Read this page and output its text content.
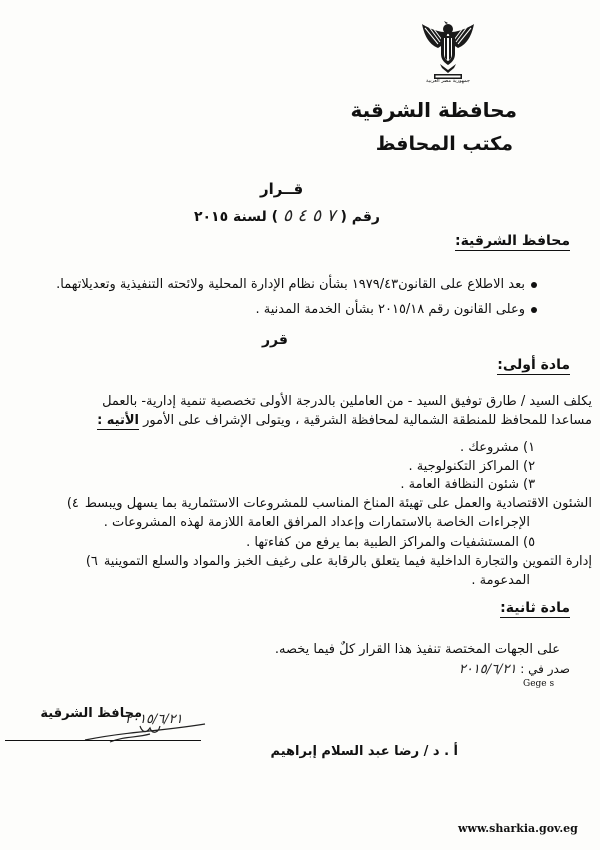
جمهورية مصر العربية
محافظة الشرقية
مكتب المحافظ
قــرار
رقم ( ٧ ٥ ٤ ٥ ) لسنة ٢٠١٥
محافظ الشرقية:
بعد الاطلاع على القانون١٩٧٩/٤٣ بشأن نظام الإدارة المحلية ولائحته التنفيذية وتعديلاتهما.
وعلى القانون رقم ٢٠١٥/١٨ بشأن الخدمة المدنية .
قرر
مادة أولى:
يكلف السيد / طارق توفيق السيد - من العاملين بالدرجة الأولى تخصصية تنمية إدارية- بالعمل
مساعدا للمحافظ للمنطقة الشمالية لمحافظة الشرقية ، ويتولى الإشراف على الأمور الأتيه :
١)مشروعك .
٢)المراكز التكنولوجية .
٣)شئون النظافة العامة .
الشئون الاقتصادية والعمل على تهيئة المناخ المناسب للمشروعات الاستثمارية بما يسهل ويبسط٤)
الإجراءات الخاصة بالاستمارات وإعداد المرافق العامة اللازمة لهذه المشروعات .
٥)المستشفيات والمراكز الطبية بما يرفع من كفاءتها .
إدارة التموين والتجارة الداخلية فيما يتعلق بالرقابة على رغيف الخبز والمواد والسلع التموينية٦)
المدعومة .
مادة ثانية:
على الجهات المختصة تنفيذ هذا القرار كلٌ فيما يخصه.
صدر في : ٢٠١٥/٦/٢١
Gege s
محافظ الشرقية
٢٠١٥/٦/٢١
أ . د / رضا عبد السلام إبراهيم
www.sharkia.gov.eg
